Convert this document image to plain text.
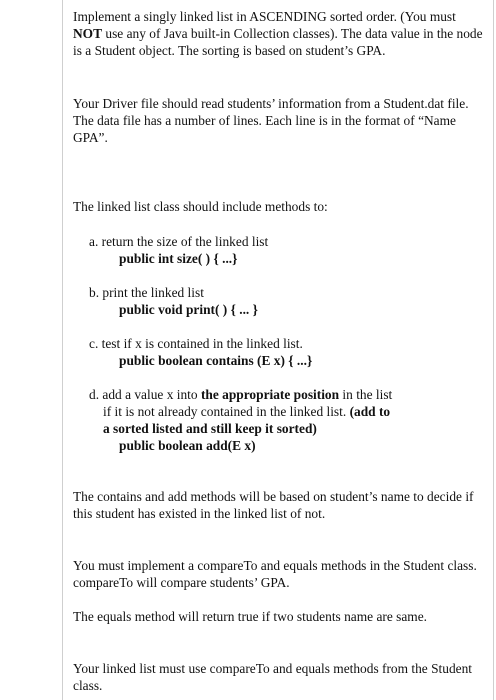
Implement a singly linked list in ASCENDING sorted order. (You must NOT use any of Java built-in Collection classes). The data value in the node is a Student object. The sorting is based on student’s GPA.

Your Driver file should read students’ information from a Student.dat file. The data file has a number of lines. Each line is in the format of “Name GPA”.

The linked list class should include methods to:

a. return the size of the linked list
public int size( ) { ...}
b. print the linked list
public void print( ) { ... }
c. test if x is contained in the linked list.
public boolean contains (E x) { ...}
d. add a value x into the appropriate position in the list
if it is not already contained in the linked list. (add to
a sorted listed and still keep it sorted)
public boolean add(E x)

The contains and add methods will be based on student’s name to decide if this student has existed in the linked list of not.

You must implement a compareTo and equals methods in the Student class. compareTo will compare students’ GPA.

The equals method will return true if two students name are same.

Your linked list must use compareTo and equals methods from the Student class.
